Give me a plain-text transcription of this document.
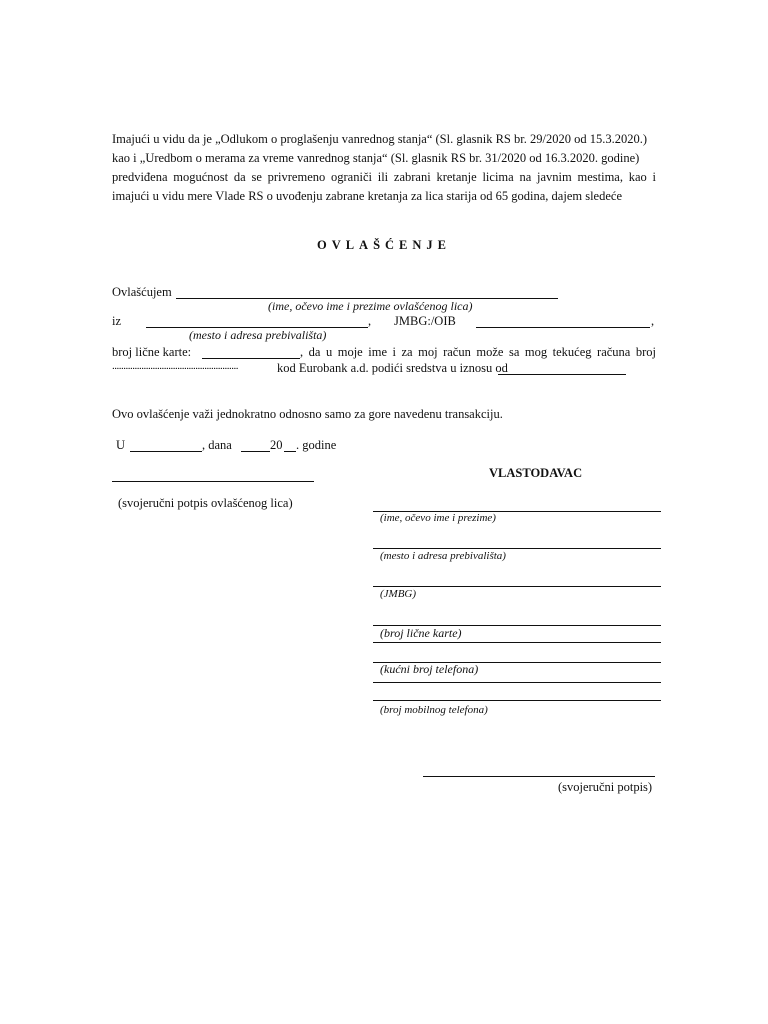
Imajući u vidu da je „Odlukom o proglašenju vanrednog stanja“ (Sl. glasnik RS br. 29/2020 od 15.3.2020.)
kao i „Uredbom o merama za vreme vanrednog stanja“ (Sl. glasnik RS br. 31/2020 od 16.3.2020. godine)
predviđena mogućnost da se privremeno ograniči ili zabrani kretanje licima na javnim mestima, kao i
imajući u vidu mere Vlade RS o uvođenju zabrane kretanja za lica starija od 65 godina, dajem sledeće
OVLAŠĆENJE
Ovlašćujem
(ime, očevo ime i prezime ovlašćenog lica)
iz	, JMBG:/OIB	,
(mesto i adresa prebivališta)
broj lične karte:	, da u moje ime i za moj račun može sa mog tekućeg računa broj
........................................................	kod Eurobank a.d. podići sredstva u iznosu od
Ovo ovlašćenje važi jednokratno odnosno samo za gore navedenu transakciju.
U	, dana	20 . godine
(svojeručni potpis ovlašćenog lica)
VLASTODAVAC
(ime, očevo ime i prezime)
(mesto i adresa prebivališta)
(JMBG)
(broj lične karte)
(kućni broj telefona)
(broj mobilnog telefona)
(svojeručni potpis)
